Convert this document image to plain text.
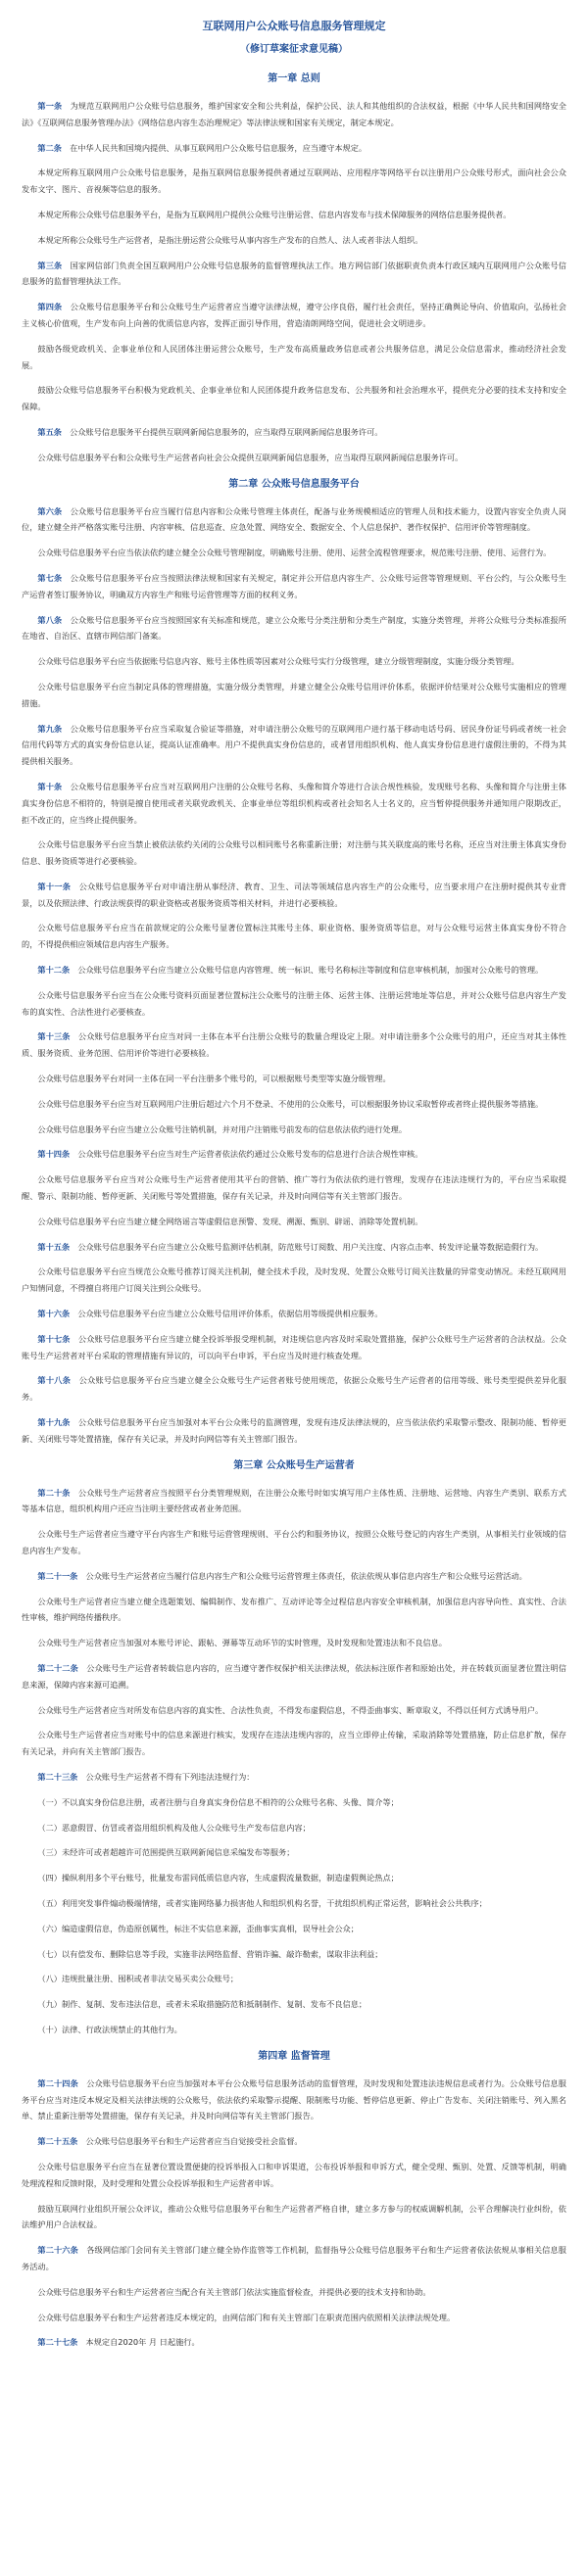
互联网用户公众账号信息服务管理规定
（修订草案征求意见稿）
第一章 总则

第一条　 为规范互联网用户公众账号信息服务，维护国家安全和公共利益，保护公民、法人和其他组织的合法权益，根据《中华人民共和国网络安全法》《互联网信息服务管理办法》《网络信息内容生态治理规定》等法律法规和国家有关规定，制定本规定。

第二条　 在中华人民共和国境内提供、从事互联网用户公众账号信息服务，应当遵守本规定。

本规定所称互联网用户公众账号信息服务，是指互联网信息服务提供者通过互联网站、应用程序等网络平台以注册用户公众账号形式，面向社会公众发布文字、图片、音视频等信息的服务。

本规定所称公众账号信息服务平台，是指为互联网用户提供公众账号注册运营、信息内容发布与技术保障服务的网络信息服务提供者。

本规定所称公众账号生产运营者，是指注册运营公众账号从事内容生产发布的自然人、法人或者非法人组织。

第三条　 国家网信部门负责全国互联网用户公众账号信息服务的监督管理执法工作。地方网信部门依据职责负责本行政区域内互联网用户公众账号信息服务的监督管理执法工作。

第四条　 公众账号信息服务平台和公众账号生产运营者应当遵守法律法规，遵守公序良俗，履行社会责任，坚持正确舆论导向、价值取向，弘扬社会主义核心价值观，生产发布向上向善的优质信息内容，发挥正面引导作用，营造清朗网络空间，促进社会文明进步。

鼓励各级党政机关、企事业单位和人民团体注册运营公众账号，生产发布高质量政务信息或者公共服务信息，满足公众信息需求，推动经济社会发展。

鼓励公众账号信息服务平台积极为党政机关、企事业单位和人民团体提升政务信息发布、公共服务和社会治理水平，提供充分必要的技术支持和安全保障。

第五条　 公众账号信息服务平台提供互联网新闻信息服务的，应当取得互联网新闻信息服务许可。

公众账号信息服务平台和公众账号生产运营者向社会公众提供互联网新闻信息服务，应当取得互联网新闻信息服务许可。

第二章 公众账号信息服务平台

第六条　 公众账号信息服务平台应当履行信息内容和公众账号管理主体责任，配备与业务规模相适应的管理人员和技术能力，设置内容安全负责人岗位，建立健全并严格落实账号注册、内容审核、信息巡查、应急处置、网络安全、数据安全、个人信息保护、著作权保护、信用评价等管理制度。

公众账号信息服务平台应当依法依约建立健全公众账号管理制度，明确账号注册、使用、运营全流程管理要求，规范账号注册、使用、运营行为。

第七条　 公众账号信息服务平台应当按照法律法规和国家有关规定，制定并公开信息内容生产、公众账号运营等管理规则、平台公约，与公众账号生产运营者签订服务协议，明确双方内容生产和账号运营管理等方面的权利义务。

第八条　 公众账号信息服务平台应当按照国家有关标准和规范，建立公众账号分类注册和分类生产制度，实施分类管理，并将公众账号分类标准报所在地省、自治区、直辖市网信部门备案。

公众账号信息服务平台应当依据账号信息内容、账号主体性质等因素对公众账号实行分级管理，建立分级管理制度，实施分级分类管理。

公众账号信息服务平台应当制定具体的管理措施，实施分级分类管理，并建立健全公众账号信用评价体系，依据评价结果对公众账号实施相应的管理措施。

第九条　 公众账号信息服务平台应当采取复合验证等措施，对申请注册公众账号的互联网用户进行基于移动电话号码、居民身份证号码或者统一社会信用代码等方式的真实身份信息认证，提高认证准确率。用户不提供真实身份信息的，或者冒用组织机构、他人真实身份信息进行虚假注册的，不得为其提供相关服务。

第十条　 公众账号信息服务平台应当对互联网用户注册的公众账号名称、头像和简介等进行合法合规性核验，发现账号名称、头像和简介与注册主体真实身份信息不相符的，特别是擅自使用或者关联党政机关、企事业单位等组织机构或者社会知名人士名义的，应当暂停提供服务并通知用户限期改正，拒不改正的，应当终止提供服务。

公众账号信息服务平台应当禁止被依法依约关闭的公众账号以相同账号名称重新注册；对注册与其关联度高的账号名称，还应当对注册主体真实身份信息、服务资质等进行必要核验。

第十一条　 公众账号信息服务平台对申请注册从事经济、教育、卫生、司法等领域信息内容生产的公众账号，应当要求用户在注册时提供其专业背景，以及依照法律、行政法规获得的职业资格或者服务资质等相关材料，并进行必要核验。

公众账号信息服务平台应当在前款规定的公众账号显著位置标注其账号主体、职业资格、服务资质等信息，对与公众账号运营主体真实身份不符合的，不得提供相应领域信息内容生产服务。

第十二条　 公众账号信息服务平台应当建立公众账号信息内容管理、统一标识、账号名称标注等制度和信息审核机制，加强对公众账号的管理。

公众账号信息服务平台应当在公众账号资料页面显著位置标注公众账号的注册主体、运营主体、注册运营地址等信息，并对公众账号信息内容生产发布的真实性、合法性进行必要核查。

第十三条　 公众账号信息服务平台应当对同一主体在本平台注册公众账号的数量合理设定上限。对申请注册多个公众账号的用户，还应当对其主体性质、服务资质、业务范围、信用评价等进行必要核验。

公众账号信息服务平台对同一主体在同一平台注册多个账号的，可以根据账号类型等实施分级管理。

公众账号信息服务平台应当对互联网用户注册后超过六个月不登录、不使用的公众账号，可以根据服务协议采取暂停或者终止提供服务等措施。

公众账号信息服务平台应当建立公众账号注销机制，并对用户注销账号前发布的信息依法依约进行处理。

第十四条　 公众账号信息服务平台应当对生产运营者依法依约通过公众账号发布的信息进行合法合规性审核。

公众账号信息服务平台应当对公众账号生产运营者使用其平台的营销、推广等行为依法依约进行管理，发现存在违法违规行为的，平台应当采取提醒、警示、限制功能、暂停更新、关闭账号等处置措施，保存有关记录，并及时向网信等有关主管部门报告。

公众账号信息服务平台应当建立健全网络谣言等虚假信息预警、发现、溯源、甄别、辟谣、消除等处置机制。

第十五条　 公众账号信息服务平台应当建立公众账号监测评估机制，防范账号订阅数、用户关注度、内容点击率、转发评论量等数据造假行为。

公众账号信息服务平台应当规范公众账号推荐订阅关注机制，健全技术手段，及时发现、处置公众账号订阅关注数量的异常变动情况。未经互联网用户知情同意，不得擅自将用户订阅关注到公众账号。

第十六条　 公众账号信息服务平台应当建立公众账号信用评价体系，依据信用等级提供相应服务。

第十七条　 公众账号信息服务平台应当建立健全投诉举报受理机制，对违规信息内容及时采取处置措施，保护公众账号生产运营者的合法权益。公众账号生产运营者对平台采取的管理措施有异议的，可以向平台申诉，平台应当及时进行核查处理。

第十八条　 公众账号信息服务平台应当建立健全公众账号生产运营者账号使用规范，依据公众账号生产运营者的信用等级、账号类型提供差异化服务。

第十九条　 公众账号信息服务平台应当加强对本平台公众账号的监测管理，发现有违反法律法规的，应当依法依约采取警示整改、限制功能、暂停更新、关闭账号等处置措施，保存有关记录，并及时向网信等有关主管部门报告。

第三章 公众账号生产运营者

第二十条　 公众账号生产运营者应当按照平台分类管理规则，在注册公众账号时如实填写用户主体性质、注册地、运营地、内容生产类别、联系方式等基本信息，组织机构用户还应当注明主要经营或者业务范围。

公众账号生产运营者应当遵守平台内容生产和账号运营管理规则、平台公约和服务协议，按照公众账号登记的内容生产类别，从事相关行业领域的信息内容生产发布。

第二十一条　 公众账号生产运营者应当履行信息内容生产和公众账号运营管理主体责任，依法依规从事信息内容生产和公众账号运营活动。

公众账号生产运营者应当建立健全选题策划、编辑制作、发布推广、互动评论等全过程信息内容安全审核机制，加强信息内容导向性、真实性、合法性审核，维护网络传播秩序。

公众账号生产运营者应当加强对本账号评论、跟帖、弹幕等互动环节的实时管理，及时发现和处置违法和不良信息。

第二十二条　 公众账号生产运营者转载信息内容的，应当遵守著作权保护相关法律法规，依法标注原作者和原始出处，并在转载页面显著位置注明信息来源，保障内容来源可追溯。

公众账号生产运营者应当对所发布信息内容的真实性、合法性负责，不得发布虚假信息，不得歪曲事实、断章取义，不得以任何方式诱导用户。

公众账号生产运营者应当对账号中的信息来源进行核实，发现存在违法违规内容的，应当立即停止传输，采取消除等处置措施，防止信息扩散，保存有关记录，并向有关主管部门报告。

第二十三条　 公众账号生产运营者不得有下列违法违规行为：

（一）不以真实身份信息注册，或者注册与自身真实身份信息不相符的公众账号名称、头像、简介等；

（二）恶意假冒、仿冒或者盗用组织机构及他人公众账号生产发布信息内容；

（三）未经许可或者超越许可范围提供互联网新闻信息采编发布等服务；

（四）操纵利用多个平台账号，批量发布雷同低质信息内容，生成虚假流量数据，制造虚假舆论热点；

（五）利用突发事件煽动极端情绪，或者实施网络暴力损害他人和组织机构名誉，干扰组织机构正常运营，影响社会公共秩序；

（六）编造虚假信息，伪造原创属性，标注不实信息来源，歪曲事实真相，误导社会公众；

（七）以有偿发布、删除信息等手段，实施非法网络监督、营销诈骗、敲诈勒索，谋取非法利益；

（八）违规批量注册、囤积或者非法交易买卖公众账号；

（九）制作、复制、发布违法信息，或者未采取措施防范和抵制制作、复制、发布不良信息；

（十）法律、行政法规禁止的其他行为。

第四章 监督管理

第二十四条　 公众账号信息服务平台应当加强对本平台公众账号信息服务活动的监督管理，及时发现和处置违法违规信息或者行为。公众账号信息服务平台应当对违反本规定及相关法律法规的公众账号，依法依约采取警示提醒、限制账号功能、暂停信息更新、停止广告发布、关闭注销账号、列入黑名单、禁止重新注册等处置措施，保存有关记录，并及时向网信等有关主管部门报告。

第二十五条　 公众账号信息服务平台和生产运营者应当自觉接受社会监督。

公众账号信息服务平台应当在显著位置设置便捷的投诉举报入口和申诉渠道，公布投诉举报和申诉方式，健全受理、甄别、处置、反馈等机制，明确处理流程和反馈时限，及时受理和处置公众投诉举报和生产运营者申诉。

鼓励互联网行业组织开展公众评议，推动公众账号信息服务平台和生产运营者严格自律，建立多方参与的权威调解机制，公平合理解决行业纠纷，依法维护用户合法权益。

第二十六条　 各级网信部门会同有关主管部门建立健全协作监管等工作机制，监督指导公众账号信息服务平台和生产运营者依法依规从事相关信息服务活动。

公众账号信息服务平台和生产运营者应当配合有关主管部门依法实施监督检查，并提供必要的技术支持和协助。

公众账号信息服务平台和生产运营者违反本规定的，由网信部门和有关主管部门在职责范围内依照相关法律法规处理。

第二十七条　 本规定自2020年 月 日起施行。
